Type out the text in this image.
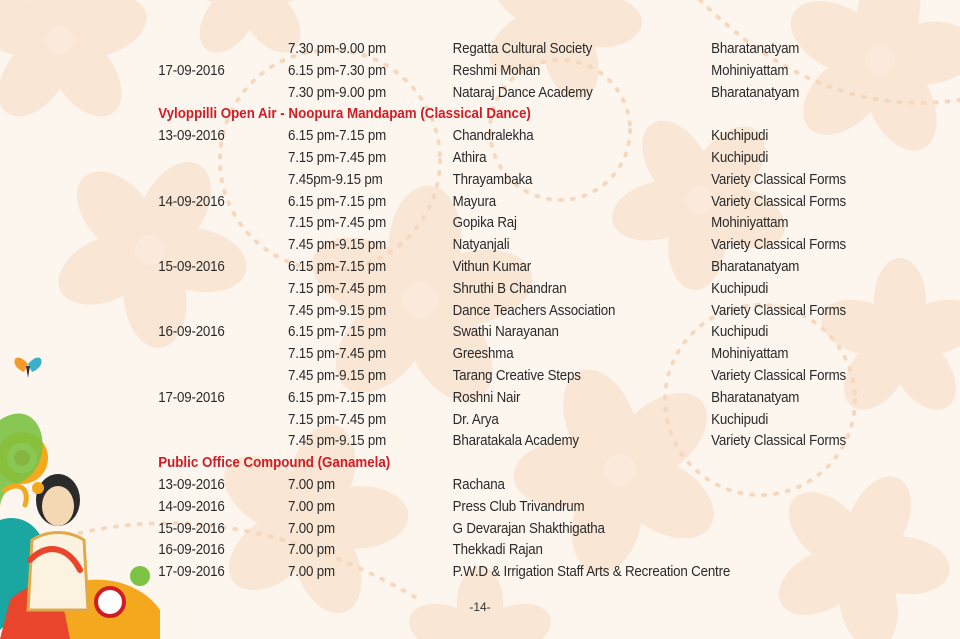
7.30 pm-9.00 pm	Regatta Cultural Society	Bharatanatyam
17-09-2016	6.15 pm-7.30 pm	Reshmi Mohan	Mohiniyattam
7.30 pm-9.00 pm	Nataraj Dance Academy	Bharatanatyam
Vyloppilli Open Air - Noopura Mandapam (Classical Dance)
13-09-2016	6.15 pm-7.15 pm	Chandralekha	Kuchipudi
7.15 pm-7.45 pm	Athira	Kuchipudi
7.45pm-9.15 pm	Thrayambaka	Variety Classical Forms
14-09-2016	6.15 pm-7.15 pm	Mayura	Variety Classical Forms
7.15 pm-7.45 pm	Gopika Raj	Mohiniyattam
7.45 pm-9.15 pm	Natyanjali	Variety Classical Forms
15-09-2016	6.15 pm-7.15 pm	Vithun Kumar	Bharatanatyam
7.15 pm-7.45 pm	Shruthi B Chandran	Kuchipudi
7.45 pm-9.15 pm	Dance Teachers Association	Variety Classical Forms
16-09-2016	6.15 pm-7.15 pm	Swathi Narayanan	Kuchipudi
7.15 pm-7.45 pm	Greeshma	Mohiniyattam
7.45 pm-9.15 pm	Tarang Creative Steps	Variety Classical Forms
17-09-2016	6.15 pm-7.15 pm	Roshni Nair	Bharatanatyam
7.15 pm-7.45 pm	Dr. Arya	Kuchipudi
7.45 pm-9.15 pm	Bharatakala Academy	Variety Classical Forms
Public Office Compound (Ganamela)
13-09-2016	7.00 pm	Rachana
14-09-2016	7.00 pm	Press Club Trivandrum
15-09-2016	7.00 pm	G Devarajan Shakthigatha
16-09-2016	7.00 pm	Thekkadi Rajan
17-09-2016	7.00 pm	P.W.D & Irrigation Staff Arts & Recreation Centre
-14-
